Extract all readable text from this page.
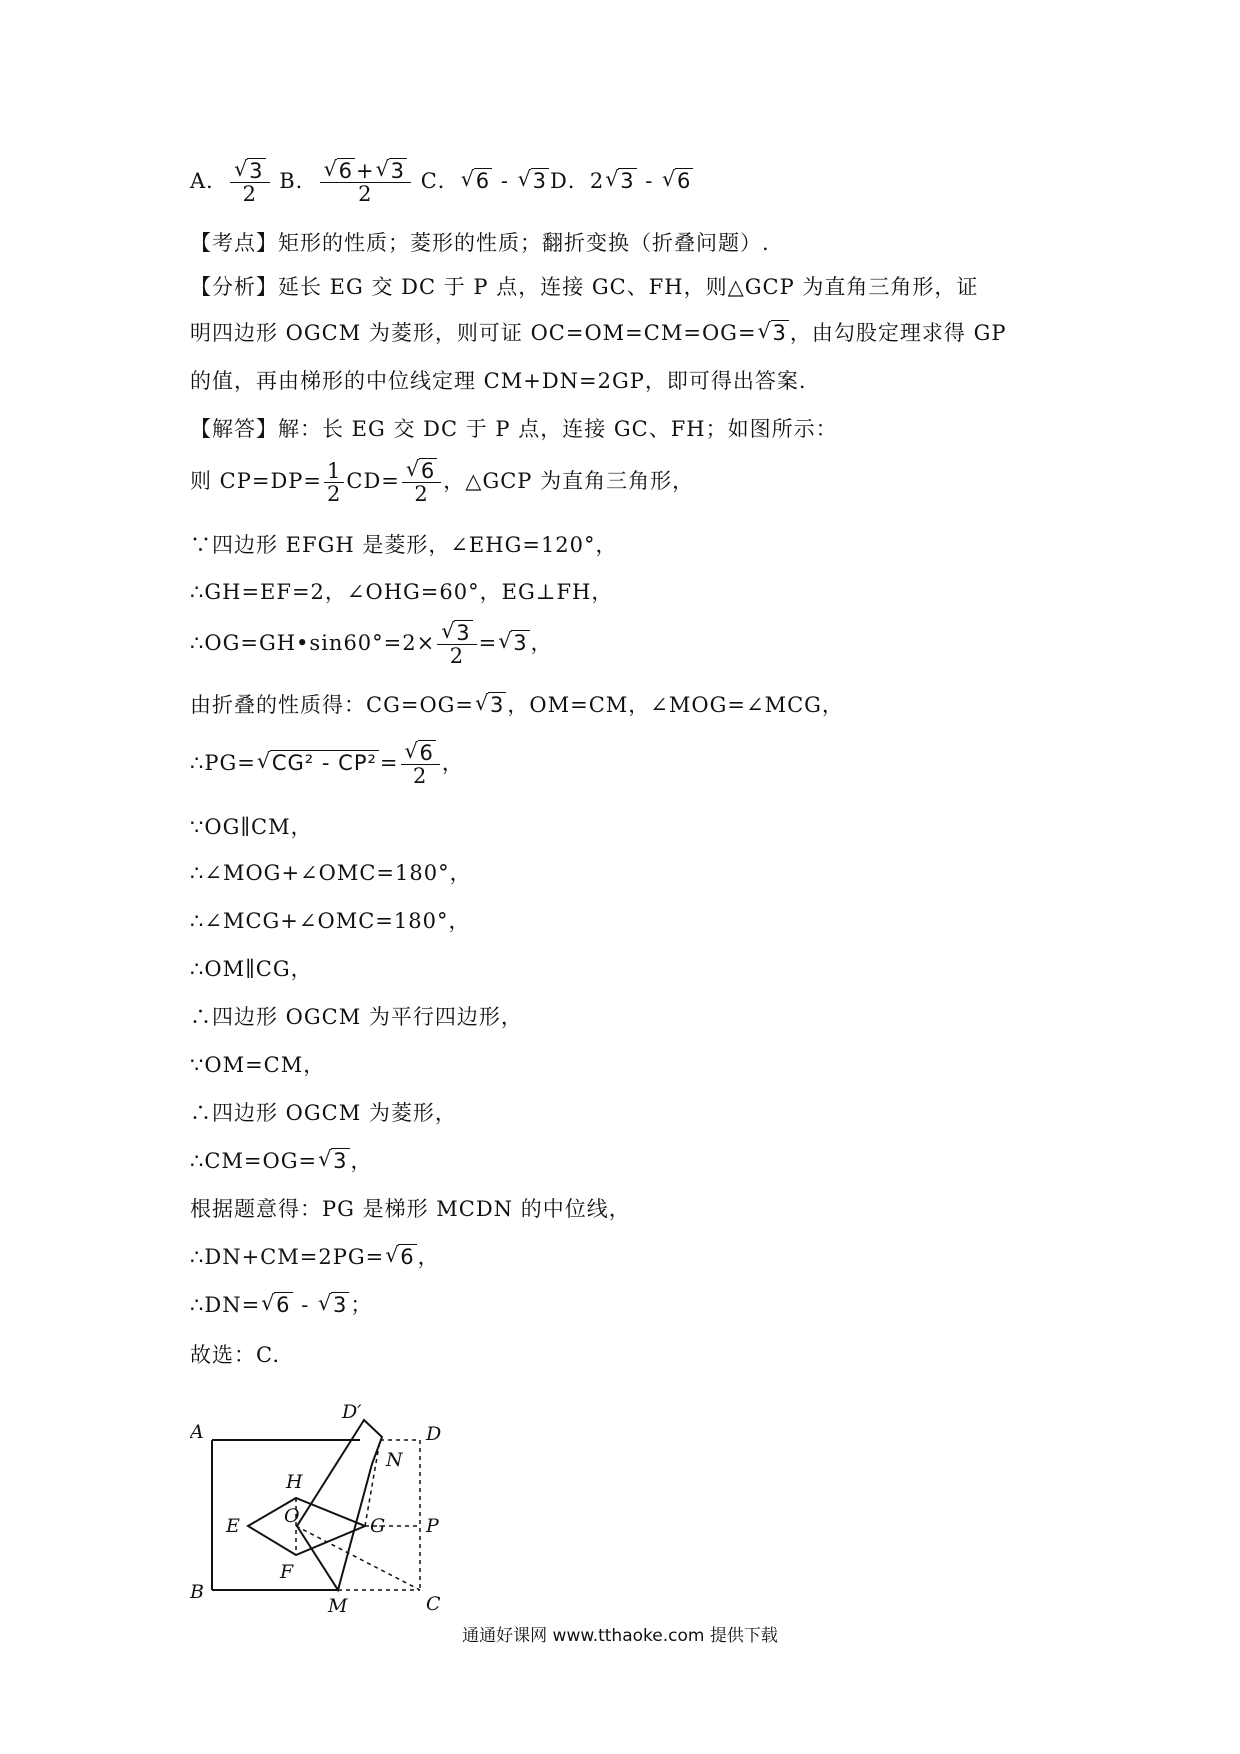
A． √ $\frac{3}{2}$ B． √ $\frac{6 + √ 3}{2}$ C． √ 6 - √ 3 D．2 √ 3 - √ 6
【考点】矩形的性质；菱形的性质；翻折变换（折叠问题）.
【分析】延长 EG 交 DC 于 P 点，连接 GC、FH，则△GCP 为直角三角形，证
明四边形 OGCM 为菱形，则可证 OC=OM=CM=OG= √ 3 ，由勾股定理求得 GP
的值，再由梯形的中位线定理 CM+DN=2GP，即可得出答案.
【解答】解：长 EG 交 DC 于 P 点，连接 GC、FH；如图所示：
则 $CP=DP= \frac{1}{2} CD=$ √ $\frac{6}{2}$ ，△GCP 为直角三角形，
∵四边形 EFGH 是菱形，∠EHG=120°，
∴GH=EF=2，∠OHG=60°，EG⊥FH，
∴OG=GH•sin60°=2× √ $\frac{3}{2}$ = √ 3 ，
由折叠的性质得：CG=OG= √ 3 ，OM=CM，∠MOG=∠MCG，
∴PG= √ CG² - CP² = √ $\frac{6}{2}$ ，
∵OG∥CM，
∴∠MOG+∠OMC=180°，
∴∠MCG+∠OMC=180°，
∴OM∥CG，
∴四边形 OGCM 为平行四边形，
∵OM=CM，
∴四边形 OGCM 为菱形，
∴CM=OG= √ 3 ，
根据题意得：PG 是梯形 MCDN 的中位线，
∴DN+CM=2PG= √ 6 ，
∴DN= √ 6 - √ 3 ；
故选：C.
A
B
C
D
D′
E
F
H
O	G
M
N
P
通通好课网 www.tthaoke.com 提供下载
